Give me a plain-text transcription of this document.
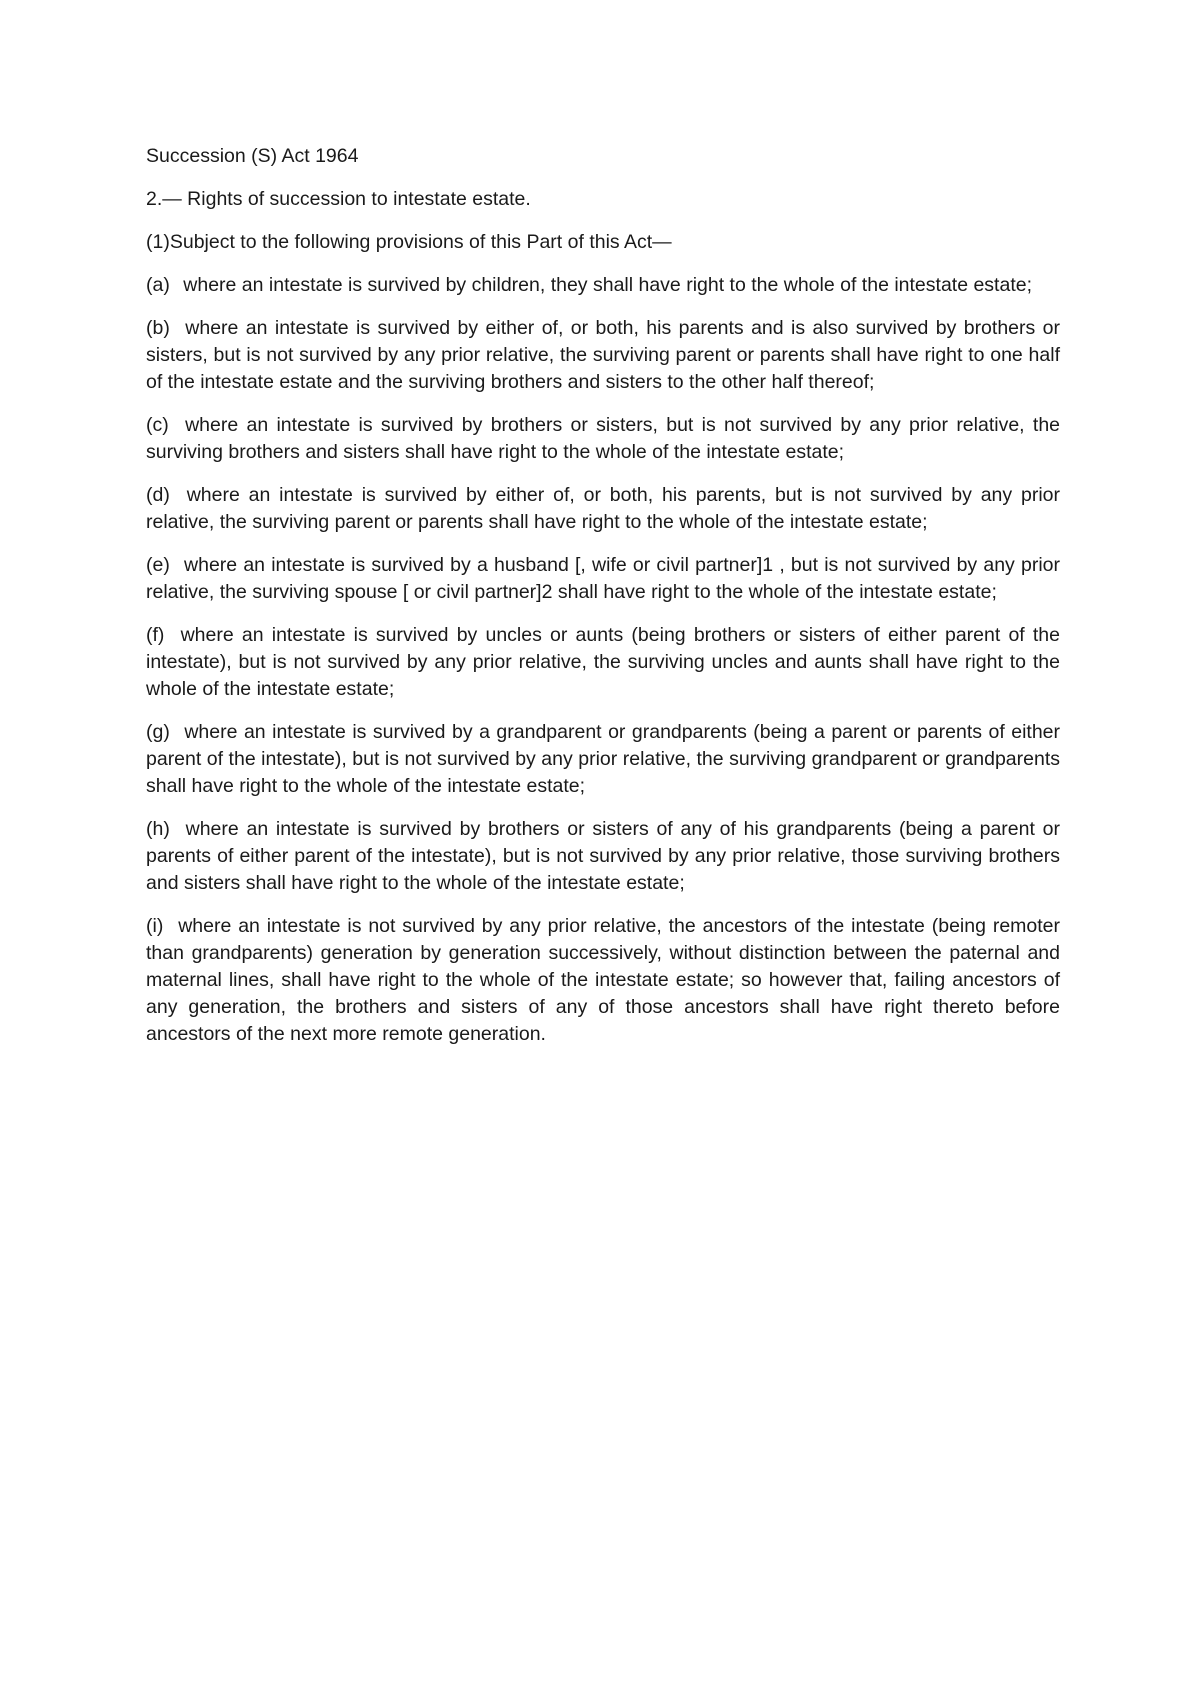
Succession (S) Act 1964

2.— Rights of succession to intestate estate.

(1)Subject to the following provisions of this Part of this Act—

(a) where an intestate is survived by children, they shall have right to the whole of the intestate estate;

(b) where an intestate is survived by either of, or both, his parents and is also survived by brothers or sisters, but is not survived by any prior relative, the surviving parent or parents shall have right to one half of the intestate estate and the surviving brothers and sisters to the other half thereof;

(c) where an intestate is survived by brothers or sisters, but is not survived by any prior relative, the surviving brothers and sisters shall have right to the whole of the intestate estate;

(d) where an intestate is survived by either of, or both, his parents, but is not survived by any prior relative, the surviving parent or parents shall have right to the whole of the intestate estate;

(e) where an intestate is survived by a husband [, wife or civil partner]1 , but is not survived by any prior relative, the surviving spouse [ or civil partner]2 shall have right to the whole of the intestate estate;

(f) where an intestate is survived by uncles or aunts (being brothers or sisters of either parent of the intestate), but is not survived by any prior relative, the surviving uncles and aunts shall have right to the whole of the intestate estate;

(g) where an intestate is survived by a grandparent or grandparents (being a parent or parents of either parent of the intestate), but is not survived by any prior relative, the surviving grandparent or grandparents shall have right to the whole of the intestate estate;

(h) where an intestate is survived by brothers or sisters of any of his grandparents (being a parent or parents of either parent of the intestate), but is not survived by any prior relative, those surviving brothers and sisters shall have right to the whole of the intestate estate;

(i) where an intestate is not survived by any prior relative, the ancestors of the intestate (being remoter than grandparents) generation by generation successively, without distinction between the paternal and maternal lines, shall have right to the whole of the intestate estate; so however that, failing ancestors of any generation, the brothers and sisters of any of those ancestors shall have right thereto before ancestors of the next more remote generation.
